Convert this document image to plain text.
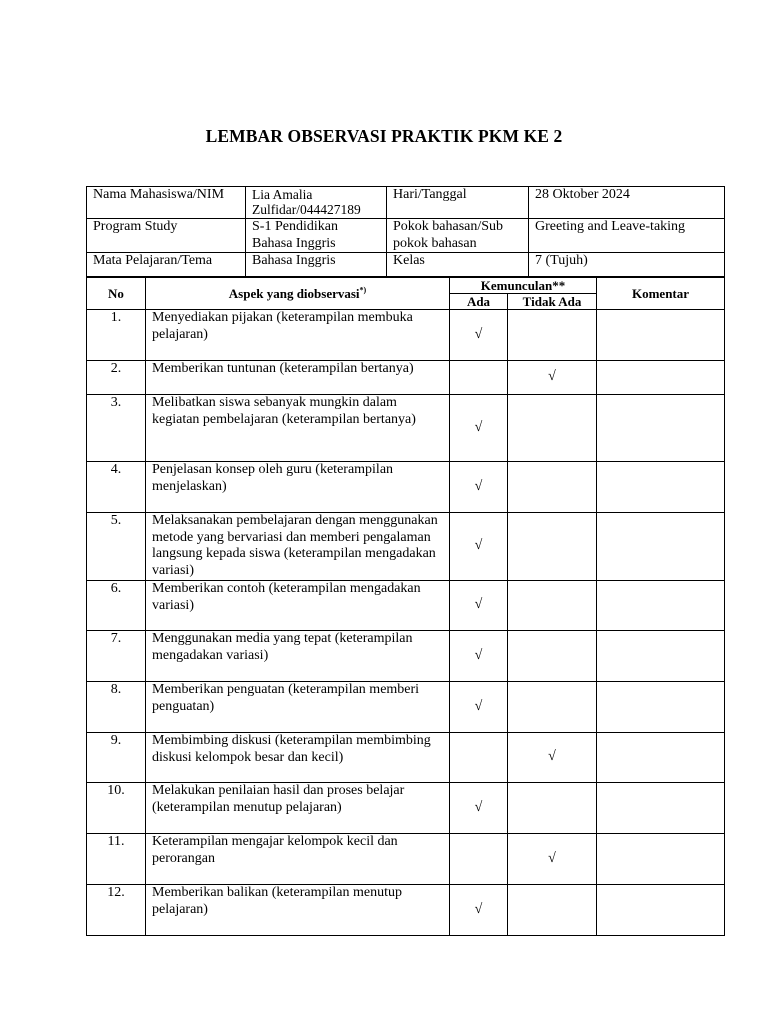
LEMBAR OBSERVASI PRAKTIK PKM KE 2
Nama Mahasiswa/NIM	Lia Amalia Zulfidar/044427189	Hari/Tanggal	28 Oktober 2024
Program Study	S-1 Pendidikan Bahasa Inggris	Pokok bahasan/Sub pokok bahasan	Greeting and Leave-taking
Mata Pelajaran/Tema	Bahasa Inggris	Kelas	7 (Tujuh)
No	Aspek yang diobservasi*)	Kemunculan**		Komentar
		Ada	Tidak Ada	
1.	Menyediakan pijakan (keterampilan membuka pelajaran)	√		
2.	Memberikan tuntunan (keterampilan bertanya)		√	
3.	Melibatkan siswa sebanyak mungkin dalam kegiatan pembelajaran (keterampilan bertanya)	√		
4.	Penjelasan konsep oleh guru (keterampilan menjelaskan)	√		
5.	Melaksanakan pembelajaran dengan menggunakan metode yang bervariasi dan memberi pengalaman langsung kepada siswa (keterampilan mengadakan variasi)	√		
6.	Memberikan contoh (keterampilan mengadakan variasi)	√		
7.	Menggunakan media yang tepat (keterampilan mengadakan variasi)	√		
8.	Memberikan penguatan (keterampilan memberi penguatan)	√		
9.	Membimbing diskusi (keterampilan membimbing diskusi kelompok besar dan kecil)		√	
10.	Melakukan penilaian hasil dan proses belajar (keterampilan menutup pelajaran)	√		
11.	Keterampilan mengajar kelompok kecil dan perorangan		√	
12.	Memberikan balikan (keterampilan menutup pelajaran)	√		
